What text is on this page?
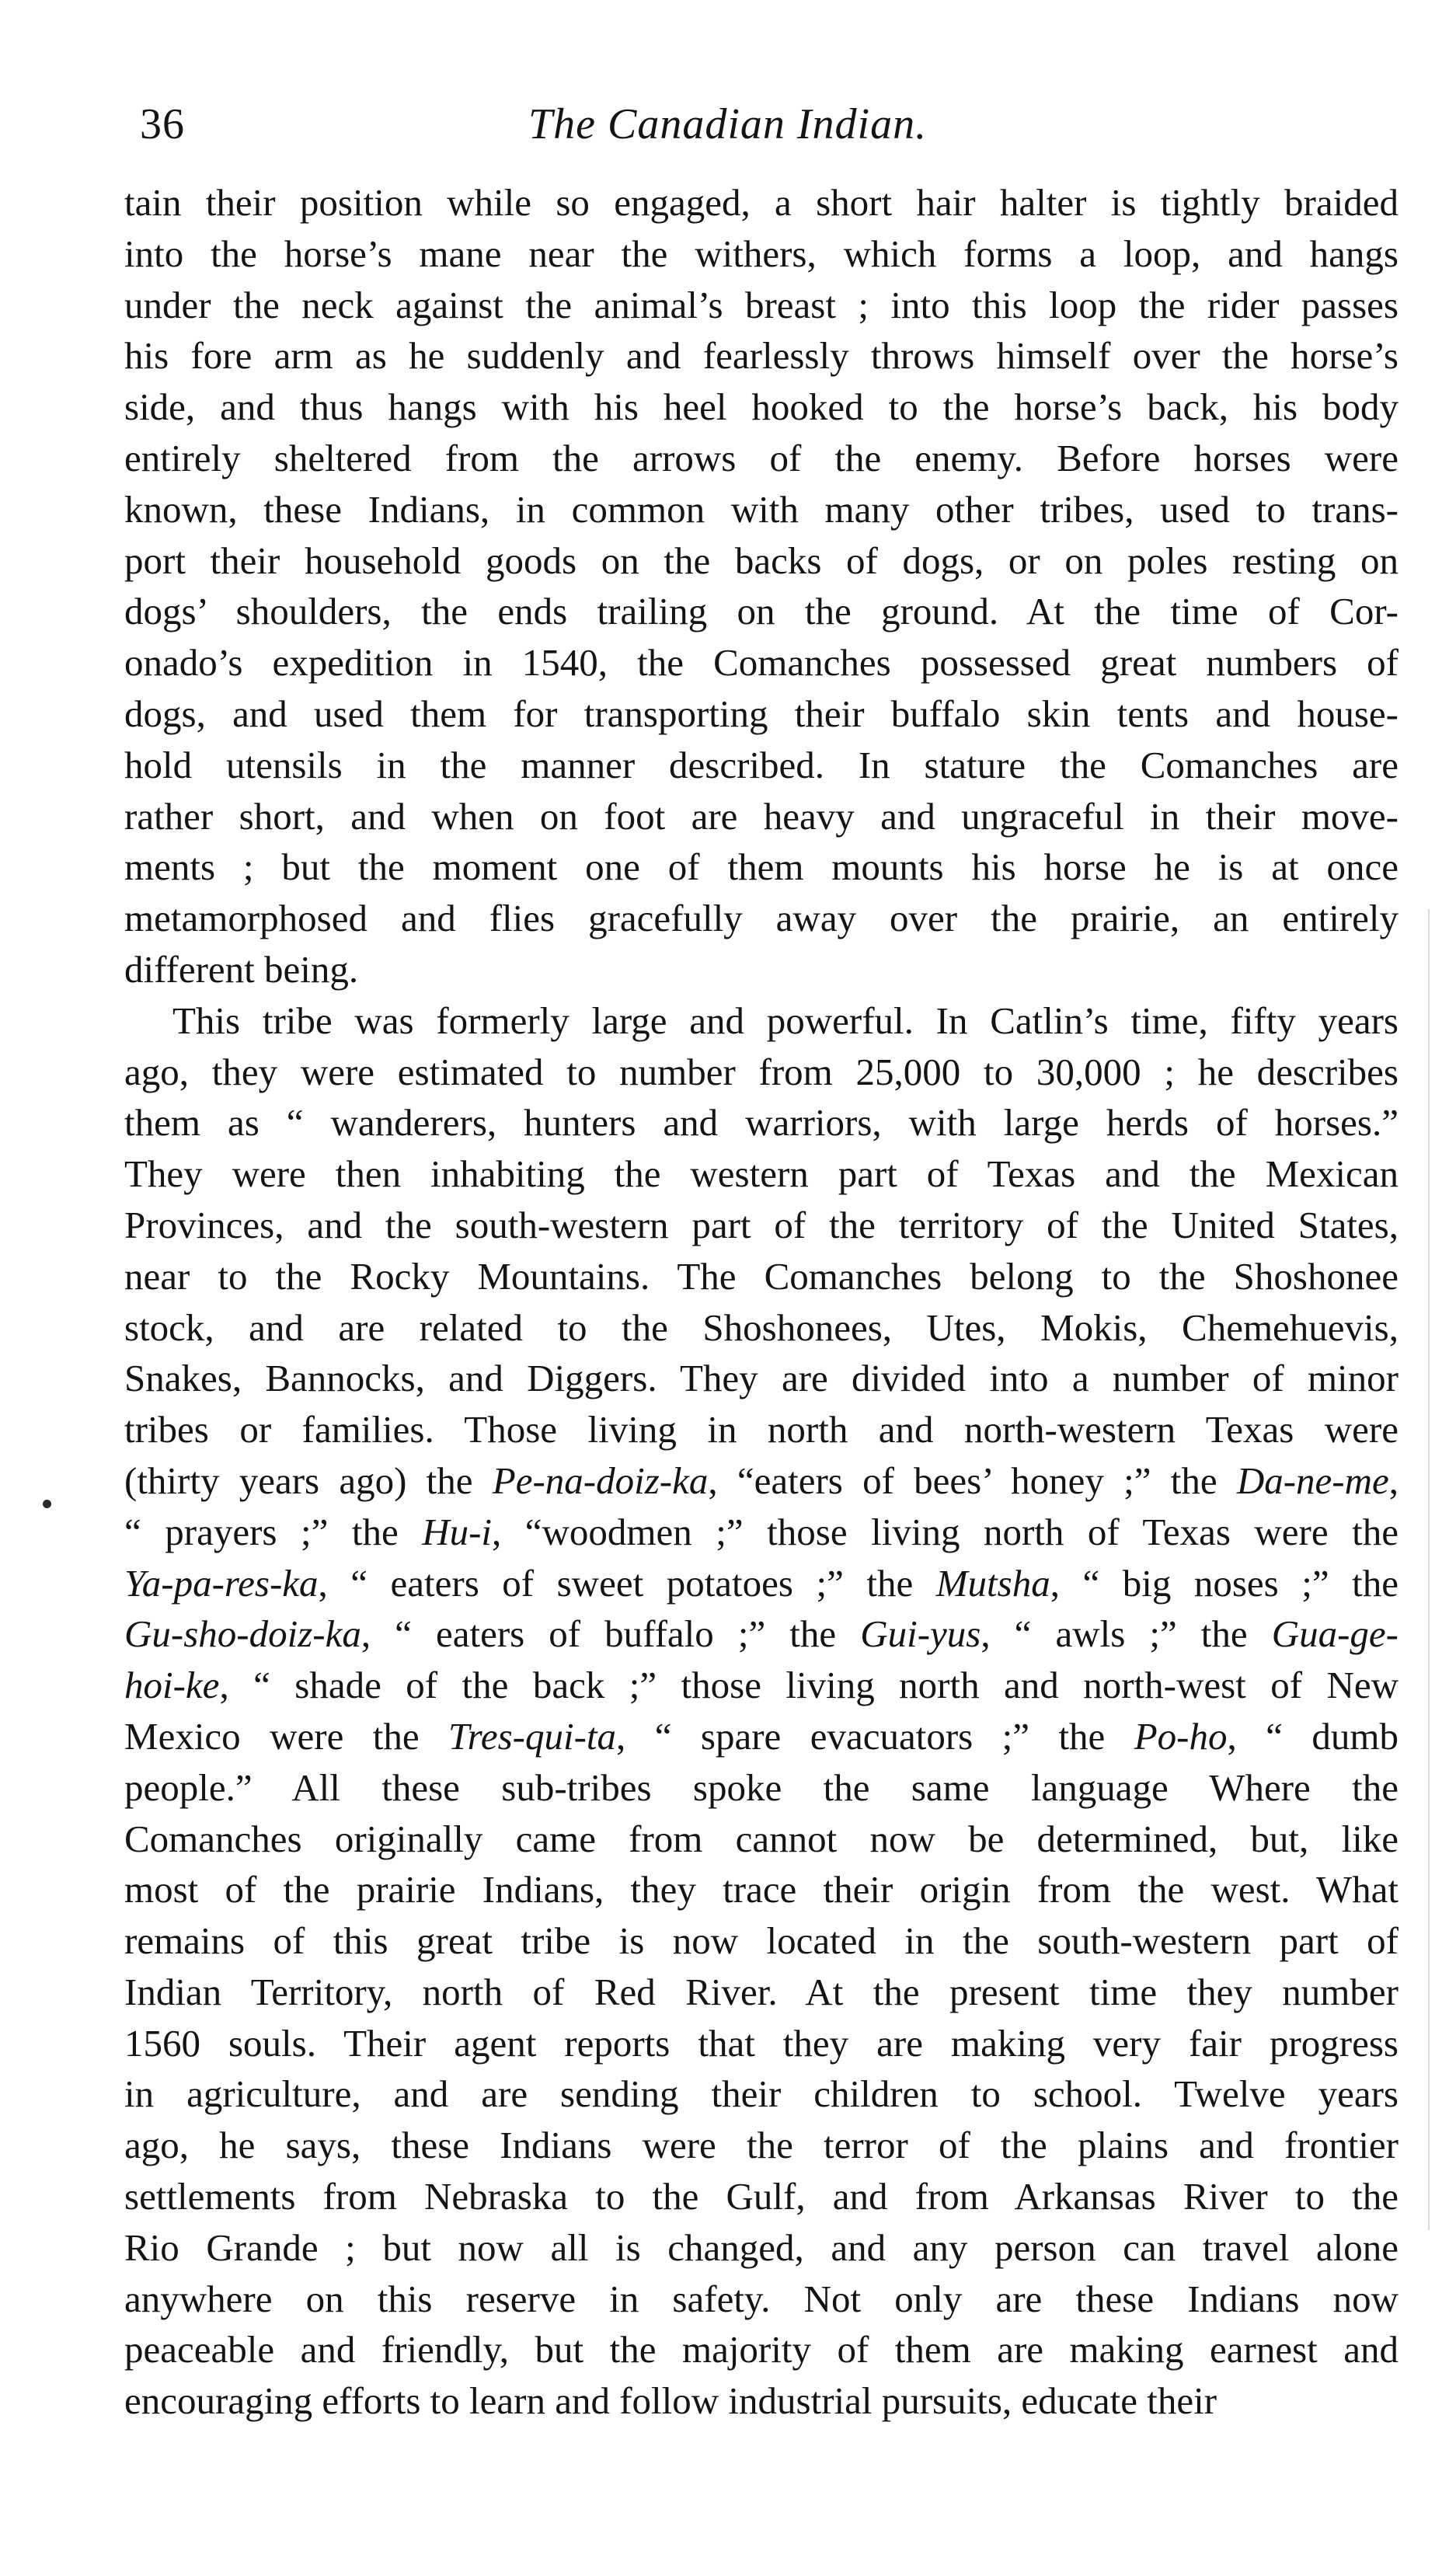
36	The Canadian Indian.
tain their position while so engaged, a short hair halter is tightly braided
into the horse’s mane near the withers, which forms a loop, and hangs
under the neck against the animal’s breast ; into this loop the rider passes
his fore arm as he suddenly and fearlessly throws himself over the horse’s
side, and thus hangs with his heel hooked to the horse’s back, his body
entirely sheltered from the arrows of the enemy. Before horses were
known, these Indians, in common with many other tribes, used to trans-
port their household goods on the backs of dogs, or on poles resting on
dogs’ shoulders, the ends trailing on the ground. At the time of Cor-
onado’s expedition in 1540, the Comanches possessed great numbers of
dogs, and used them for transporting their buffalo skin tents and house-
hold utensils in the manner described. In stature the Comanches are
rather short, and when on foot are heavy and ungraceful in their move-
ments ; but the moment one of them mounts his horse he is at once
metamorphosed and flies gracefully away over the prairie, an entirely
different being.
This tribe was formerly large and powerful. In Catlin’s time, fifty years
ago, they were estimated to number from 25,000 to 30,000 ; he describes
them as “ wanderers, hunters and warriors, with large herds of horses.”
They were then inhabiting the western part of Texas and the Mexican
Provinces, and the south-western part of the territory of the United States,
near to the Rocky Mountains. The Comanches belong to the Shoshonee
stock, and are related to the Shoshonees, Utes, Mokis, Chemehuevis,
Snakes, Bannocks, and Diggers. They are divided into a number of minor
tribes or families. Those living in north and north-western Texas were
(thirty years ago) the Pe-na-doiz-ka, “eaters of bees’ honey ;” the Da-ne-me,
“ prayers ;” the Hu-i, “woodmen ;” those living north of Texas were the
Ya-pa-res-ka, “ eaters of sweet potatoes ;” the Mutsha, “ big noses ;” the
Gu-sho-doiz-ka, “ eaters of buffalo ;” the Gui-yus, “ awls ;” the Gua-ge-
hoi-ke, “ shade of the back ;” those living north and north-west of New
Mexico were the Tres-qui-ta, “ spare evacuators ;” the Po-ho, “ dumb
people.” All these sub-tribes spoke the same language Where the
Comanches originally came from cannot now be determined, but, like
most of the prairie Indians, they trace their origin from the west. What
remains of this great tribe is now located in the south-western part of
Indian Territory, north of Red River. At the present time they number
1560 souls. Their agent reports that they are making very fair progress
in agriculture, and are sending their children to school. Twelve years
ago, he says, these Indians were the terror of the plains and frontier
settlements from Nebraska to the Gulf, and from Arkansas River to the
Rio Grande ; but now all is changed, and any person can travel alone
anywhere on this reserve in safety. Not only are these Indians now
peaceable and friendly, but the majority of them are making earnest and
encouraging efforts to learn and follow industrial pursuits, educate their
